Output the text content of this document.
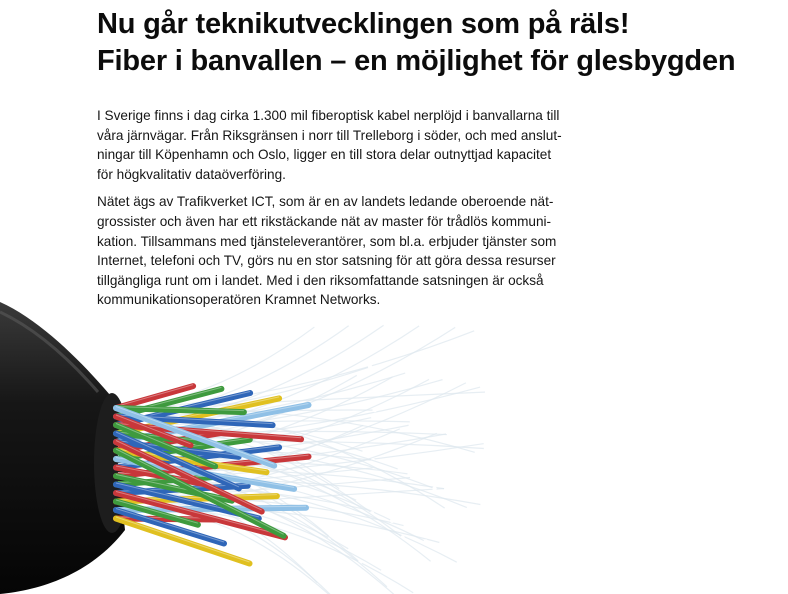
Nu går teknikutvecklingen som på räls!
Fiber i banvallen – en möjlighet för glesbygden

I Sverige finns i dag cirka 1.300 mil fiberoptisk kabel nerplöjd i banvallarna till
våra järnvägar. Från Riksgränsen i norr till Trelleborg i söder, och med anslut-
ningar till Köpenhamn och Oslo, ligger en till stora delar outnyttjad kapacitet
för högkvalitativ dataöverföring.

Nätet ägs av Trafikverket ICT, som är en av landets ledande oberoende nät-
grossister och även har ett rikstäckande nät av master för trådlös kommuni-
kation. Tillsammans med tjänsteleverantörer, som bl.a. erbjuder tjänster som
Internet, telefoni och TV, görs nu en stor satsning för att göra dessa resurser
tillgängliga runt om i landet. Med i den riksomfattande satsningen är också
kommunikationsoperatören Kramnet Networks.
